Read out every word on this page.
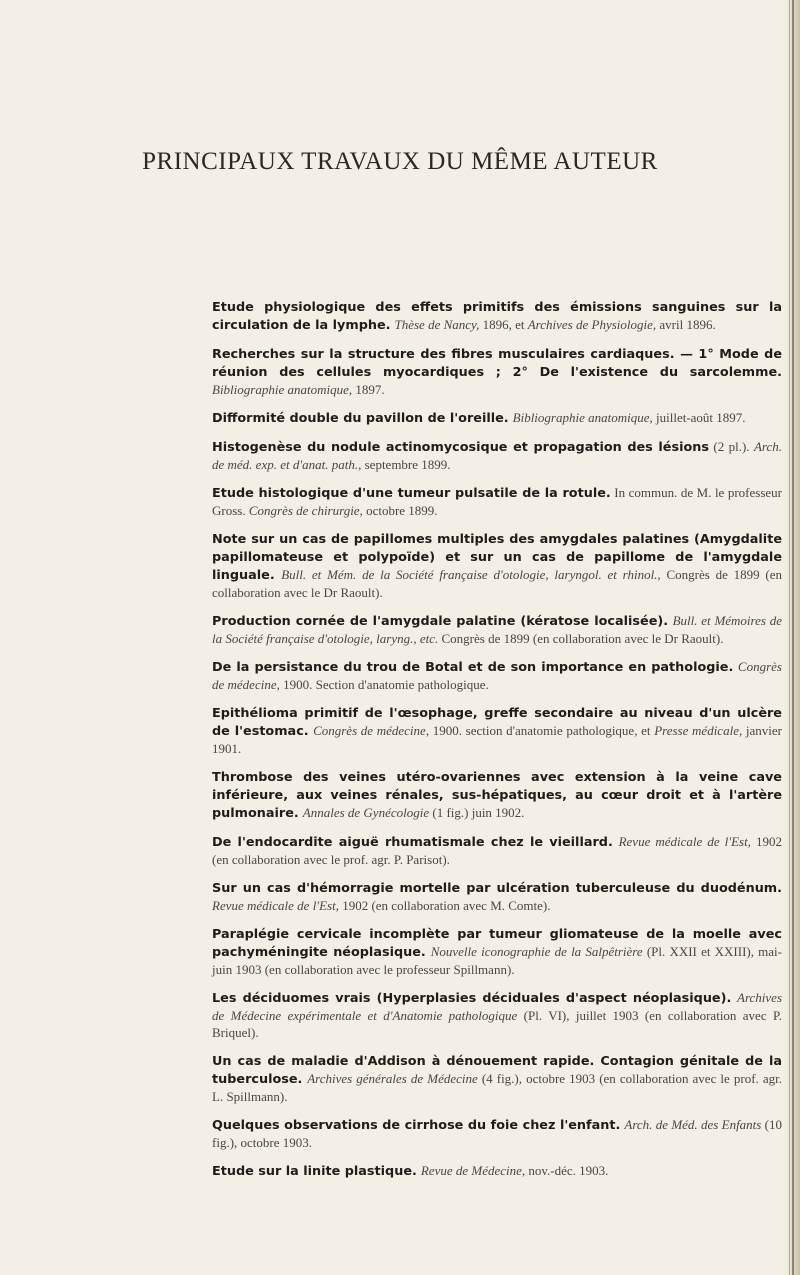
PRINCIPAUX TRAVAUX DU MÊME AUTEUR

Etude physiologique des effets primitifs des émissions sanguines sur la circulation de la lymphe. Thèse de Nancy, 1896, et Archives de Physiologie, avril 1896.

Recherches sur la structure des fibres musculaires cardiaques. — 1° Mode de réunion des cellules myocardiques ; 2° De l'existence du sarcolemme. Bibliographie anatomique, 1897.

Difformité double du pavillon de l'oreille. Bibliographie anatomique, juillet-août 1897.

Histogenèse du nodule actinomycosique et propagation des lésions (2 pl.). Arch. de méd. exp. et d'anat. path., septembre 1899.

Etude histologique d'une tumeur pulsatile de la rotule. In commun. de M. le professeur Gross. Congrès de chirurgie, octobre 1899.

Note sur un cas de papillomes multiples des amygdales palatines (Amygdalite papillomateuse et polypoïde) et sur un cas de papillome de l'amygdale linguale. Bull. et Mém. de la Société française d'otologie, laryngol. et rhinol., Congrès de 1899 (en collaboration avec le Dr Raoult).

Production cornée de l'amygdale palatine (kératose localisée). Bull. et Mémoires de la Société française d'otologie, laryng., etc. Congrès de 1899 (en collaboration avec le Dr Raoult).

De la persistance du trou de Botal et de son importance en pathologie. Congrès de médecine, 1900. Section d'anatomie pathologique.

Epithélioma primitif de l'œsophage, greffe secondaire au niveau d'un ulcère de l'estomac. Congrès de médecine, 1900. section d'anatomie pathologique, et Presse médicale, janvier 1901.

Thrombose des veines utéro-ovariennes avec extension à la veine cave inférieure, aux veines rénales, sus-hépatiques, au cœur droit et à l'artère pulmonaire. Annales de Gynécologie (1 fig.) juin 1902.

De l'endocardite aiguë rhumatismale chez le vieillard. Revue médicale de l'Est, 1902 (en collaboration avec le prof. agr. P. Parisot).

Sur un cas d'hémorragie mortelle par ulcération tuberculeuse du duodénum. Revue médicale de l'Est, 1902 (en collaboration avec M. Comte).

Paraplégie cervicale incomplète par tumeur gliomateuse de la moelle avec pachyméningite néoplasique. Nouvelle iconographie de la Salpêtrière (Pl. XXII et XXIII), mai-juin 1903 (en collaboration avec le professeur Spillmann).

Les déciduomes vrais (Hyperplasies déciduales d'aspect néoplasique). Archives de Médecine expérimentale et d'Anatomie pathologique (Pl. VI), juillet 1903 (en collaboration avec P. Briquel).

Un cas de maladie d'Addison à dénouement rapide. Contagion génitale de la tuberculose. Archives générales de Médecine (4 fig.), octobre 1903 (en collaboration avec le prof. agr. L. Spillmann).

Quelques observations de cirrhose du foie chez l'enfant. Arch. de Méd. des Enfants (10 fig.), octobre 1903.

Etude sur la linite plastique. Revue de Médecine, nov.-déc. 1903.
